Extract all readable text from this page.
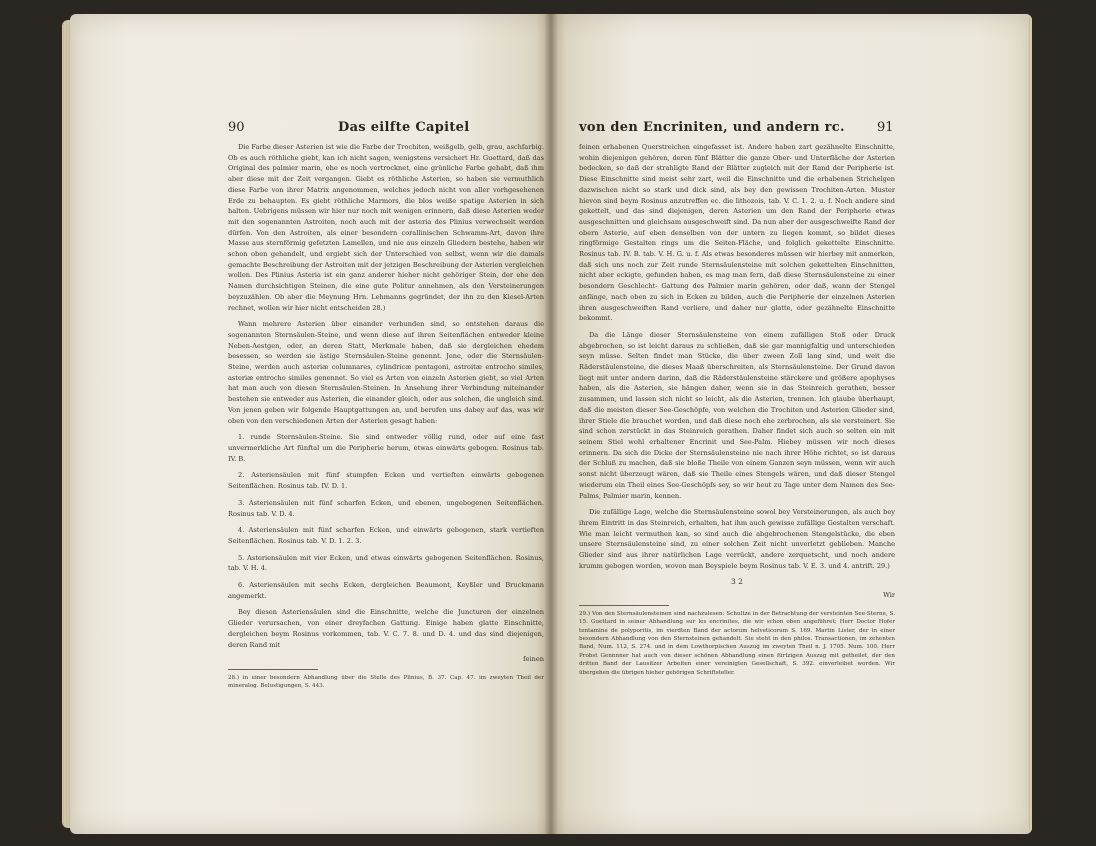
90	Das eilfte Capitel

Die Farbe dieser Asterien ist wie die Farbe der Trochiten, weißgelb, gelb, grau, aschfarbig. Ob es auch röthliche giebt, kan ich nicht sagen, wenigstens versichert Hr. Guettard, daß das Original des palmier marin, ehe es noch vertrocknet, eine grünliche Farbe gehabt, daß ihm aber diese mit der Zeit vergangen. Giebt es röthliche Asterien, so haben sie vermuthlich diese Farbe von ihrer Matrix angenommen, welches jedoch nicht von aller vorhgesehenen Erde zu behaupten. Es giebt röthliche Marmors, die blos weiße spatige Asterien in sich halten. Uebrigens müssen wir hier nur noch mit wenigen erinnern, daß diese Asterien weder mit den sogenannten Astroiten, noch auch mit der asteria des Plinius verwechselt werden dürfen. Von den Astroiten, als einer besondern corallinischen Schwamm-Art, davon ihre Masse aus sternförmig gefetzten Lamellen, und nie aus einzeln Gliedern bestehe, haben wir schon oben gehandelt, und ergiebt sich der Unterschied von selbst, wenn wir die damals gemachte Beschreibung der Astroiten mit der jetzigen Beschreibung der Asterien vergleichen wollen. Des Plinius Asteria ist ein ganz anderer hieher nicht gehöriger Stein, der ehe den Namen durchsichtigen Steinen, die eine gute Politur annehmen, als den Versteinerungen beyzuzählen. Ob aber die Meynung Hrn. Lehmanns gegründet, der ihn zu den Kiesel-Arten rechnet, wollen wir hier nicht entscheiden 28.)

Wann mehrere Asterien über einander verbunden sind, so entstehen daraus die sogenannten Sternsäulen-Steine, und wenn diese auf ihren Seitenflächen entweder kleine Neben-Aestgen, oder, an deren Statt, Merkmale haben, daß sie dergleichen ehedem besessen, so werden sie ästige Sternsäulen-Steine genennt. Jene, oder die Sternsäulen-Steine, werden auch asteriæ columnares, cylindricæ pentagoni, astroitæ entrocho similes, asteriæ entrocho similes genennet. So viel es Arten von einzeln Asterien giebt, so viel Arten hat man auch von diesen Sternsäulen-Steinen. In Ansehung ihrer Verbindung miteinander bestehen sie entweder aus Asterien, die einander gleich, oder aus solchen, die ungleich sind. Von jenen geben wir folgende Hauptgattungen an, und berufen uns dabey auf das, was wir oben von den verschiedenen Arten der Asterien gesagt haben:

1. runde Sternsäulen-Steine. Sie sind entweder völlig rund, oder auf eine fast unvermerkliche Art fünftal um die Peripherie herum, etwas einwärts gebogen. Rosinus tab. IV. B.

2. Asteriensäulen mit fünf stumpfen Ecken und vertieften einwärts gebogenen Seitenflächen. Rosinus tab. IV. D. 1.

3. Asteriensäulen mit fünf scharfen Ecken, und ebenen, ungebogenen Seitenflächen. Rosinus tab. V. D. 4.

4. Asteriensäulen mit fünf scharfen Ecken, und einwärts gebogenen, stark vertieften Seitenflächen. Rosinus tab. V. D. 1. 2. 3.

5. Asteriensäulen mit vier Ecken, und etwas einwärts gebogenen Seitenflächen. Rosinus, tab. V. H. 4.

6. Asteriensäulen mit sechs Ecken, dergleichen Beaumont, Keyßler und Bruckmann angemerkt.

Bey diesen Asteriensäulen sind die Einschnitte, welche die Juncturen der einzelnen Glieder verursachen, von einer dreyfachen Gattung. Einige haben glatte Einschnitte, dergleichen beym Rosinus vorkommen, tab. V. C. 7. 8. und D. 4. und das sind diejenigen, deren Rand mit

feinen
28.) in einer besondern Abhandlung über die Stelle des Plinius, B. 37. Cap. 47. im zweyten Theil der mineralog. Belustigungen, S. 443.
von den Encriniten, und andern rc. 91

feinen erhabenen Querstreichen eingefasset ist. Andere haben zart gezähnelte Einschnitte, wohin diejenigen gehören, deren fünf Blätter die ganze Ober- und Unterfläche der Asterien bedecken, so daß der strahligte Rand der Blätter zugleich mit der Rand der Peripherie ist. Diese Einschnitte sind meist sehr zart, weil die Einschnitte und die erhabenen Strichelgen dazwischen nicht so stark und dick sind, als bey den gewissen Trochiten-Arten. Muster hievon sind beym Rosinus anzutreffen ec. die lithozois, tab. V. C. 1. 2. u. f. Noch andere sind gekettelt, und das sind diejenigen, deren Asterien um den Rand der Peripherie etwas ausgeschnitten und gleichsam ausgeschweift sind. Da nun aber der ausgeschweifte Rand der obern Asterie, auf eben denselben von der untern zu liegen kommt, so bildet dieses ringförmige Gestalten rings um die Seiten-Fläche, und folglich gekettelte Einschnitte. Rosinus tab. IV. B. tab. V. H. G. u. f. Als etwas besonderes müssen wir hierbey mit anmerken, daß sich uns noch zur Zeit runde Sternsäulensteine mit solchen gekettelten Einschnitten, nicht aber eckigte, gefunden haben, es mag man fern, daß diese Sternsäulensteine zu einer besondern Geschlecht- Gattung des Palmier marin gehören, oder daß, wann der Stengel anfänge, nach oben zu sich in Ecken zu bilden, auch die Peripherie der einzelnen Asterien ihren ausgeschweiften Rand verliere, und daher nur glatte, oder gezähnelte Einschnitte bekommt.

Da die Länge dieser Sternsäulensteine von einem zufälligen Stoß oder Druck abgebrochen, so ist leicht daraus zu schließen, daß sie gar mannigfaltig und unterschieden seyn müsse. Selten findet man Stücke, die über zween Zoll lang sind, und weit die Räderstäulensteine, die dieses Maaß überschreiten, als Sternsäulensteine. Der Grund davon liegt mit unter andern darinn, daß die Räderstäulensteine stärckere und größere apophyses haben, als die Asterien, sie hängen daher, wenn sie in das Steinreich gerathen, besser zusammen, und lassen sich nicht so leicht, als die Asterien, trennen. Ich glaube überhaupt, daß die meisten dieser See-Geschöpfe, von welchen die Trochiten und Asterien Glieder sind, ihrer Stiele die brauchet worden, und daß diese noch ehe zerbrochen, als sie versteinert. Sie sind schon zerstückt in das Steinreich gerathen. Daher findet sich auch so selten ein mit seinem Stiel wohl erhaltener Encrinit und See-Palm. Hiebey müssen wir noch dieses erinnern. Da sich die Dicke der Sternsäulensteine nie nach ihrer Höhe richtet, so ist daraus der Schluß zu machen, daß sie bloße Theile von einem Ganzen seyn müssen, wenn wir auch sonst nicht überzeugt wären, daß sie Theile eines Stengels wären, und daß dieser Stengel wiederum ein Theil eines See-Geschöpfs sey, so wir heut zu Tage unter dem Namen des See-Palms, Palmier marin, kennen.

Die zufällige Lage, welche die Sternsäulensteine sowol bey Versteinerungen, als auch bey ihrem Eintritt in das Steinreich, erhalten, hat ihm auch gewisse zufällige Gestalten verschaft. Wie man leicht vermuthen kan, so sind auch die abgebrochenen Stengelstücke, die eben unsere Sternsäulensteine sind, zu einer solchen Zeit nicht unverletzt geblieben. Manche Glieder sind aus ihrer natürlichen Lage verrückt, andere zerquetscht, und noch andere krumm gebogen worden, wovon man Beyspiele beym Rosinus tab. V. E. 3. und 4. antrift. 29.)

3 2
Wir
29.) Von den Sternsäulensteinen sind nachzulesen: Schultze in der Betrachtung der versteinten See-Sterne, S. 15. Guettard in seiner Abhandlung sur les encrinites, die wir schon oben angeführet; Herr Doctor Hofer tentamine de polyporitis, im vierdten Band der actorum helveticorum S. 169. Martin Lister, der in einer besondern Abhandlung von den Sternsteinen gehandelt. Sie steht in den philos. Transactionen, im zehenten Band, Num. 112, S. 274. und in dem Lowthorpischen Auszug im zweyten Theil n. J. 1705. Num. 100. Herr Probst Gennnner hat auch von dieser schönen Abhandlung einen fürtzigen Auszug mit getheilet, der den dritten Band der Lausitzer Arbeiten einer vereinigten Gesellschaft, S. 392. einverleibet worden. Wir übergehen die übrigen hieher gehörigen Schriftsteller.
